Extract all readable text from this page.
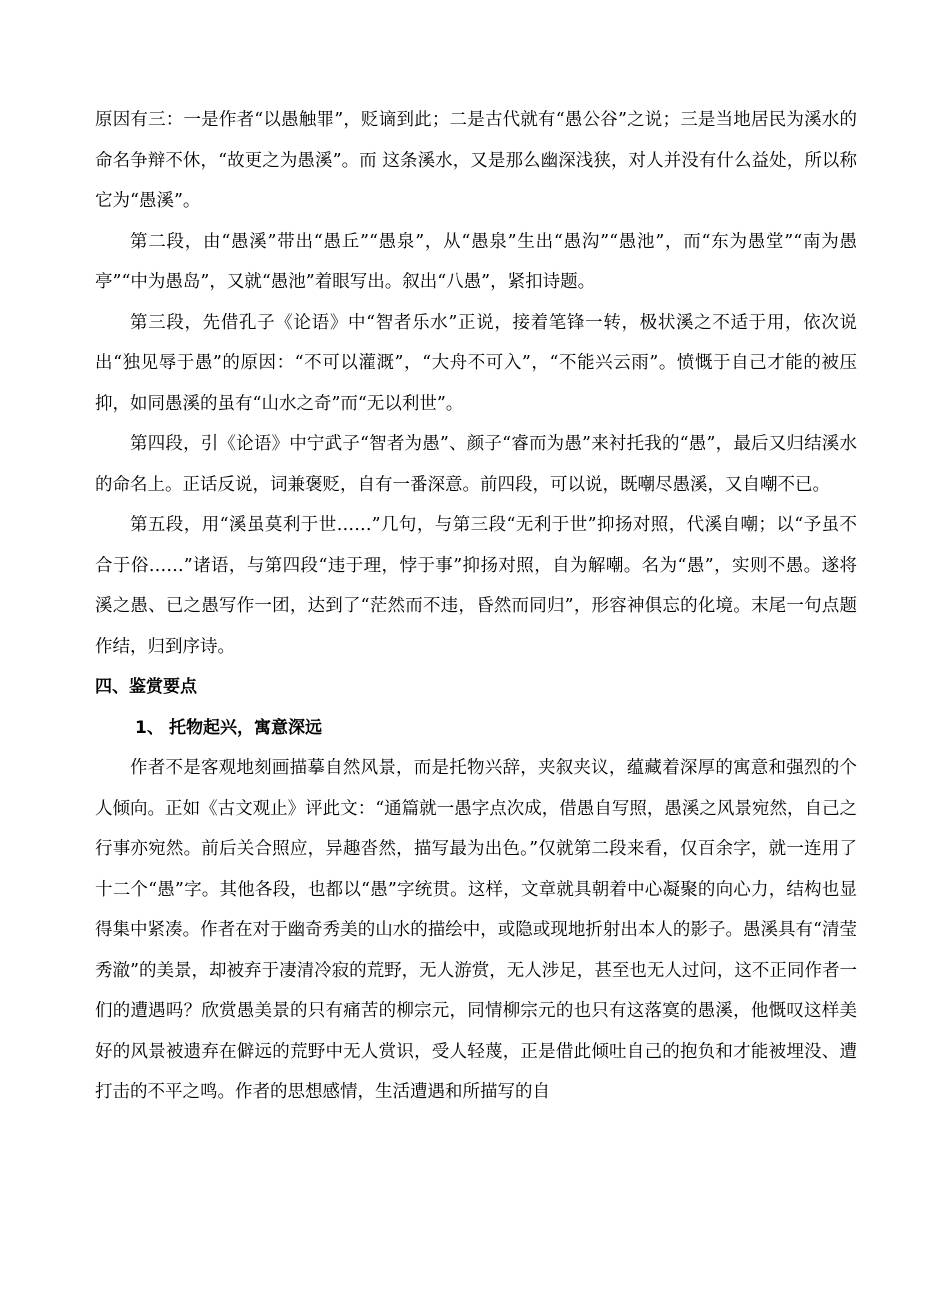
原因有三：一是作者“以愚触罪”，贬谪到此；二是古代就有“愚公谷”之说；三是当地居民为溪水的命名争辩不休，“故更之为愚溪”。而 这条溪水，又是那么幽深浅狭，对人并没有什么益处，所以称它为“愚溪”。

第二段，由“愚溪”带出“愚丘”“愚泉”，从“愚泉”生出“愚沟”“愚池”，而“东为愚堂”“南为愚亭”“中为愚岛”，又就“愚池”着眼写出。叙出“八愚”，紧扣诗题。

第三段，先借孔子《论语》中“智者乐水”正说，接着笔锋一转，极状溪之不适于用，依次说出“独见辱于愚”的原因：“不可以灌溉”，“大舟不可入”，“不能兴云雨”。愤慨于自己才能的被压抑，如同愚溪的虽有“山水之奇”而“无以利世”。

第四段，引《论语》中宁武子“智者为愚”、颜子“睿而为愚”来衬托我的“愚”，最后又归结溪水的命名上。正话反说，词兼褒贬，自有一番深意。前四段，可以说，既嘲尽愚溪，又自嘲不已。

第五段，用“溪虽莫利于世……”几句，与第三段“无利于世”抑扬对照，代溪自嘲；以“予虽不合于俗……”诸语，与第四段“违于理，悖于事”抑扬对照，自为解嘲。名为“愚”，实则不愚。遂将溪之愚、已之愚写作一团，达到了“茫然而不违，昏然而同归”，形容神俱忘的化境。末尾一句点题作结，归到序诗。

四、鉴赏要点
1、 托物起兴，寓意深远

作者不是客观地刻画描摹自然风景，而是托物兴辞，夹叙夹议，蕴藏着深厚的寓意和强烈的个人倾向。正如《古文观止》评此文：“通篇就一愚字点次成，借愚自写照，愚溪之风景宛然，自己之行事亦宛然。前后关合照应，异趣沓然，描写最为出色。”仅就第二段来看，仅百余字，就一连用了十二个“愚”字。其他各段，也都以“愚”字统贯。这样，文章就具朝着中心凝聚的向心力，结构也显得集中紧凑。作者在对于幽奇秀美的山水的描绘中，或隐或现地折射出本人的影子。愚溪具有“清莹秀澈”的美景，却被弃于凄清冷寂的荒野，无人游赏，无人涉足，甚至也无人过问，这不正同作者一们的遭遇吗？欣赏愚美景的只有痛苦的柳宗元，同情柳宗元的也只有这落寞的愚溪，他慨叹这样美好的风景被遗弃在僻远的荒野中无人赏识，受人轻蔑，正是借此倾吐自己的抱负和才能被埋没、遭打击的不平之鸣。作者的思想感情，生活遭遇和所描写的自
